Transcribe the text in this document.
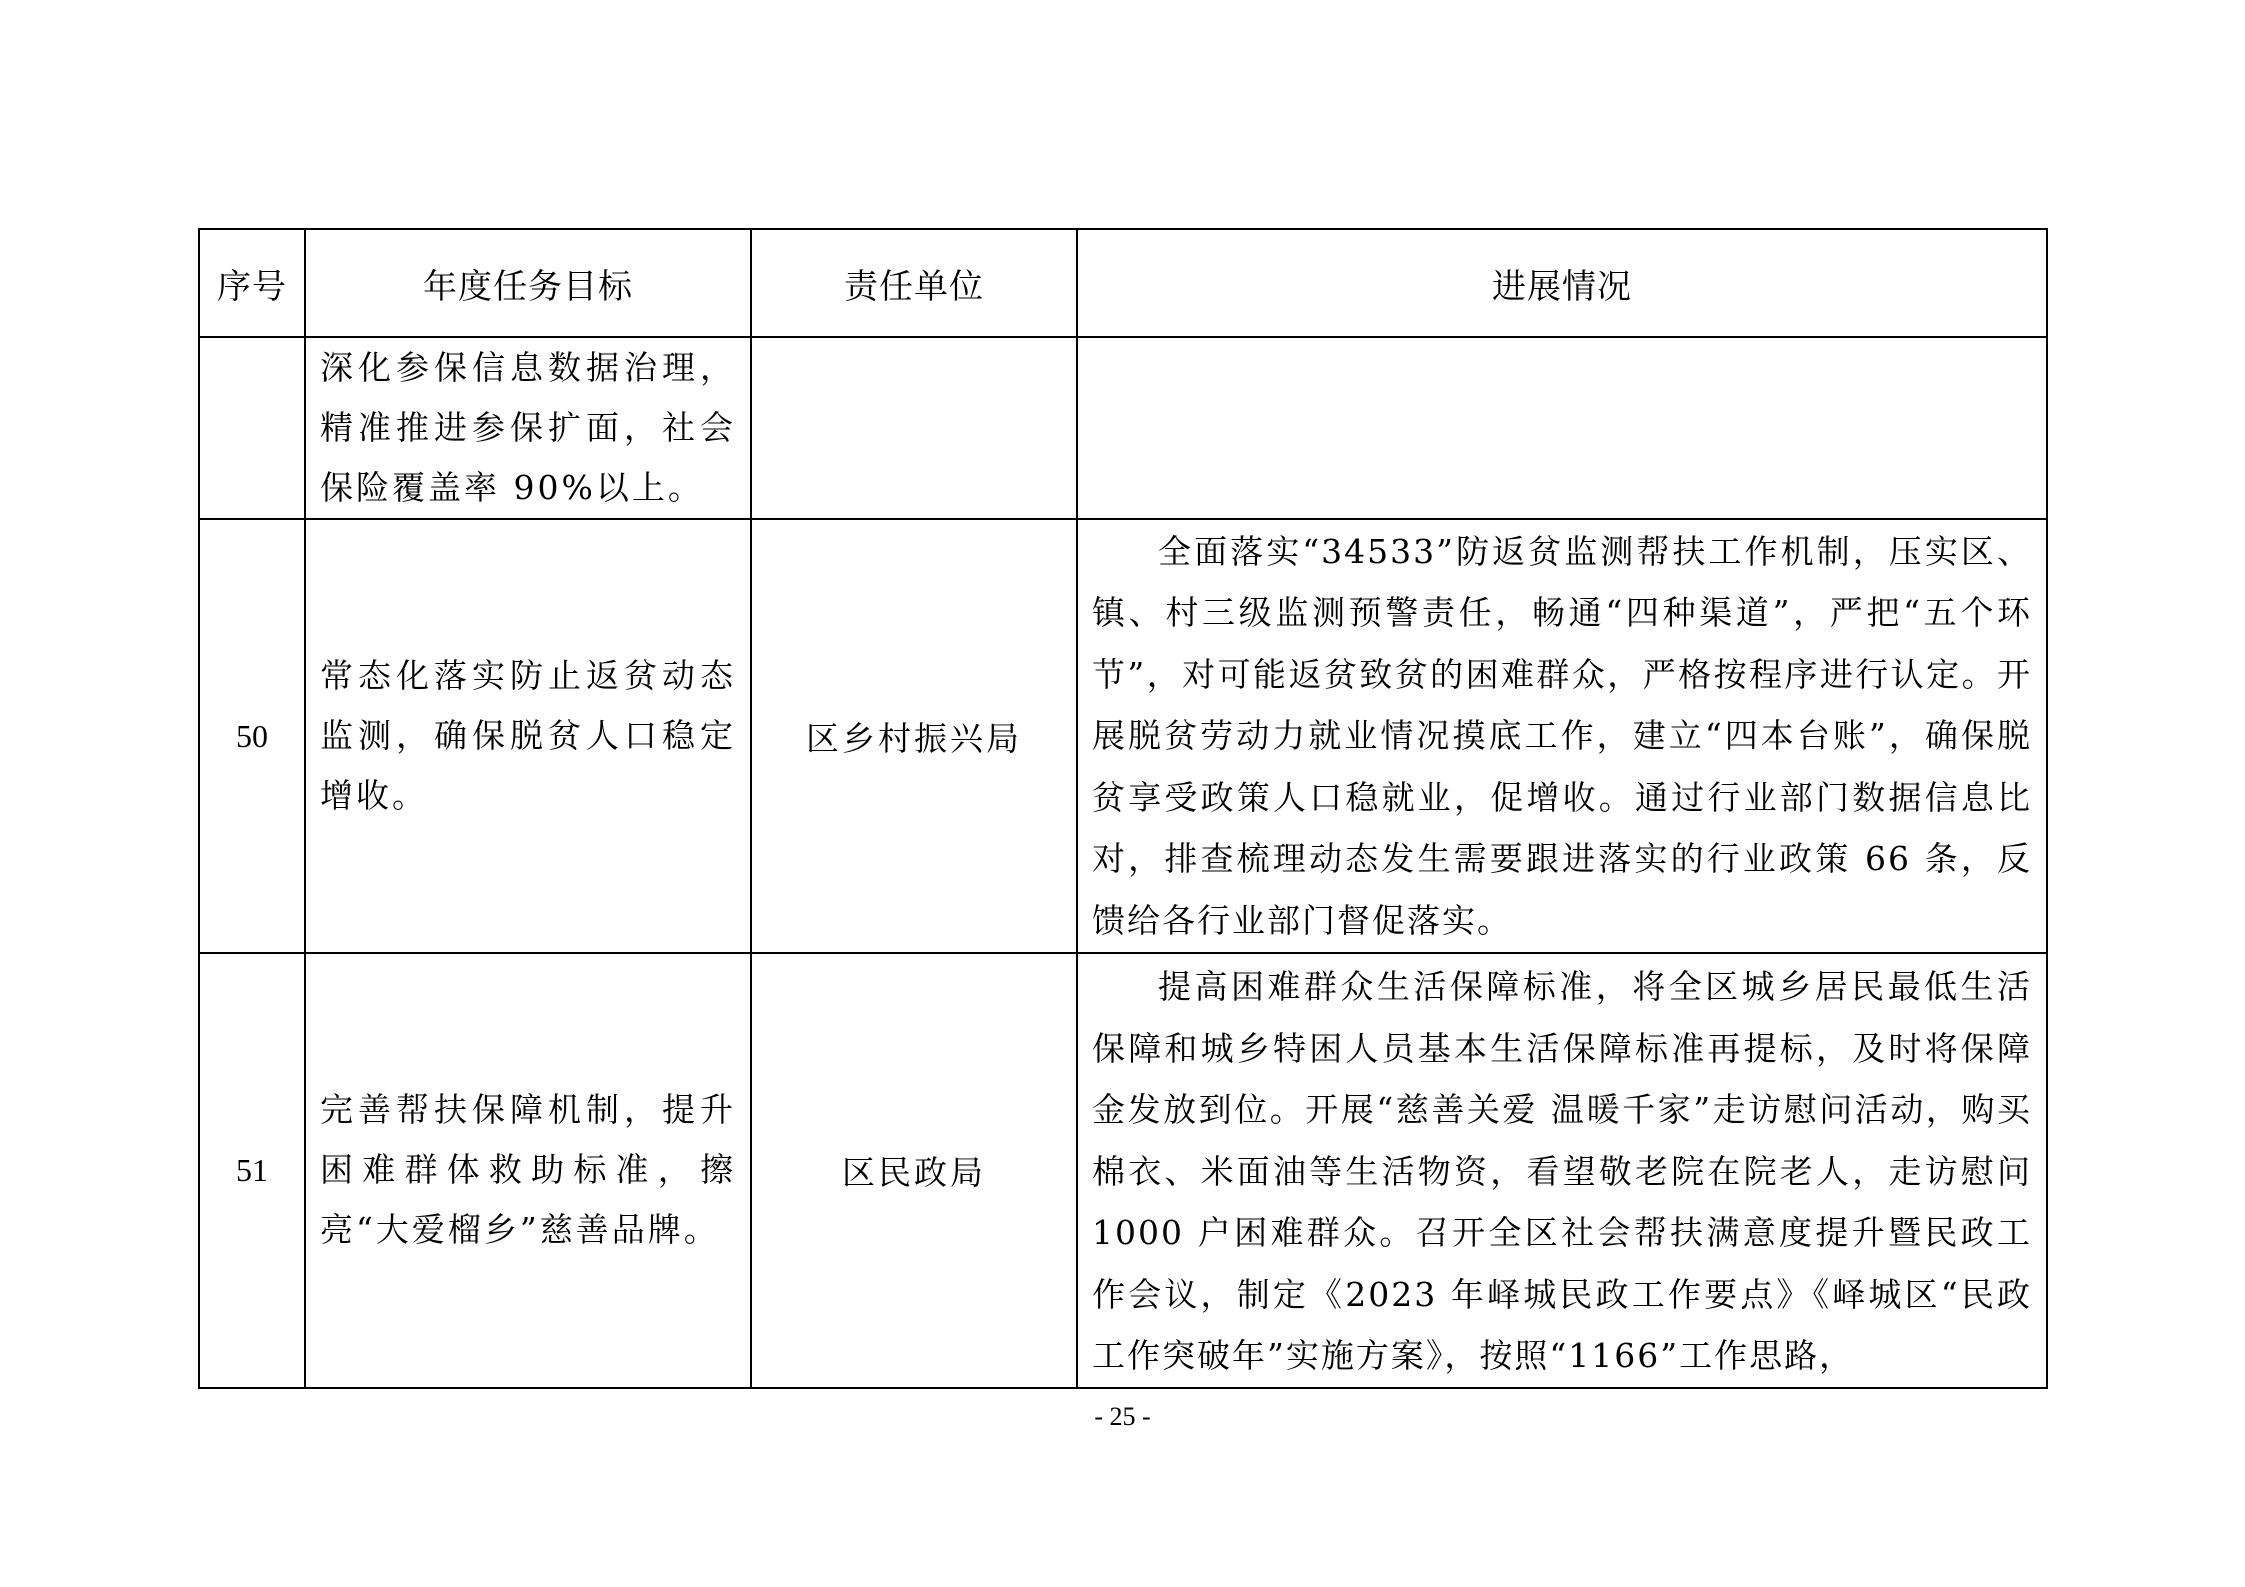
序号	年度任务目标	责任单位	进展情况
	深化参保信息数据治理，精准推进参保扩面，社会保险覆盖率 90%以上。		
50	常态化落实防止返贫动态监测，确保脱贫人口稳定增收。	区乡村振兴局	全面落实“34533”防返贫监测帮扶工作机制，压实区、镇、村三级监测预警责任，畅通“四种渠道”，严把“五个环节”，对可能返贫致贫的困难群众，严格按程序进行认定。开展脱贫劳动力就业情况摸底工作，建立“四本台账”，确保脱贫享受政策人口稳就业，促增收。通过行业部门数据信息比对，排查梳理动态发生需要跟进落实的行业政策 66 条，反馈给各行业部门督促落实。
51	完善帮扶保障机制，提升困难群体救助标准，擦亮“大爱榴乡”慈善品牌。	区民政局	提高困难群众生活保障标准，将全区城乡居民最低生活保障和城乡特困人员基本生活保障标准再提标，及时将保障金发放到位。开展“慈善关爱 温暖千家”走访慰问活动，购买棉衣、米面油等生活物资，看望敬老院在院老人，走访慰问 1000 户困难群众。召开全区社会帮扶满意度提升暨民政工作会议，制定《2023 年峄城民政工作要点》《峄城区“民政工作突破年”实施方案》，按照“1166”工作思路，
- 25 -
